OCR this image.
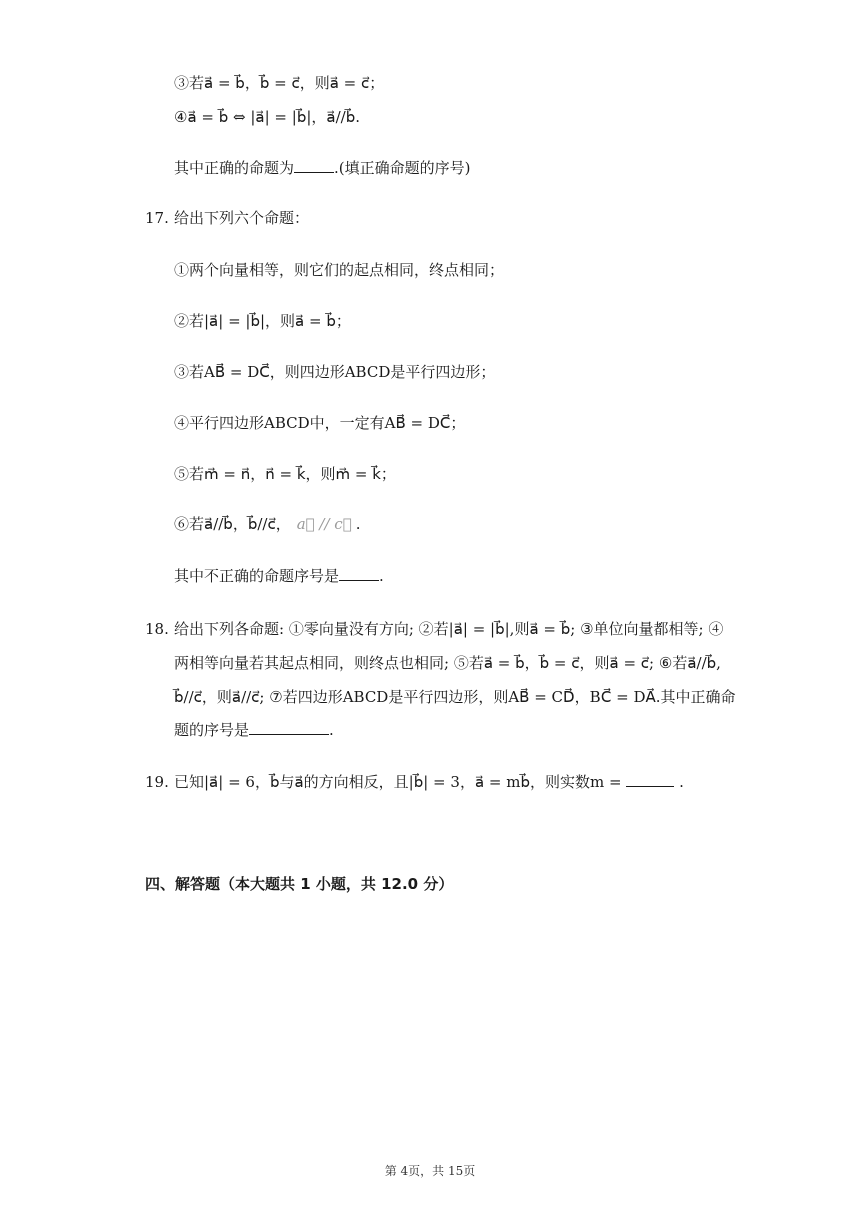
③若a⃗ = b⃗，b⃗ = c⃗，则a⃗ = c⃗；
④a⃗ = b⃗ ⇔ |a⃗| = |b⃗|，a⃗//b⃗.
其中正确的命题为	.(填正确命题的序号)
17. 给出下列六个命题：
①两个向量相等，则它们的起点相同，终点相同；
②若|a⃗| = |b⃗|，则a⃗ = b⃗；
③若AB⃗ = DC⃗，则四边形ABCD是平行四边形；
④平行四边形ABCD中，一定有AB⃗ = DC⃗；
⑤若m⃗ = n⃗，n⃗ = k⃗，则m⃗ = k⃗；
⑥若a⃗//b⃗，b⃗//c⃗， a⃗ // c⃗ .
其中不正确的命题序号是	.
18. 给出下列各命题: ①零向量没有方向; ②若|a⃗| = |b⃗|,则a⃗ = b⃗; ③单位向量都相等; ④
两相等向量若其起点相同，则终点也相同; ⑤若a⃗ = b⃗，b⃗ = c⃗，则a⃗ = c⃗; ⑥若a⃗//b⃗,
b⃗//c⃗，则a⃗//c⃗; ⑦若四边形ABCD是平行四边形，则AB⃗ = CD⃗，BC⃗ = DA⃗.其中正确命
题的序号是	.
19. 已知|a⃗| = 6，b⃗与a⃗的方向相反，且|b⃗| = 3，a⃗ = mb⃗，则实数m =	.
四、解答题（本大题共 1 小题，共 12.0 分）
第 4页，共 15页
